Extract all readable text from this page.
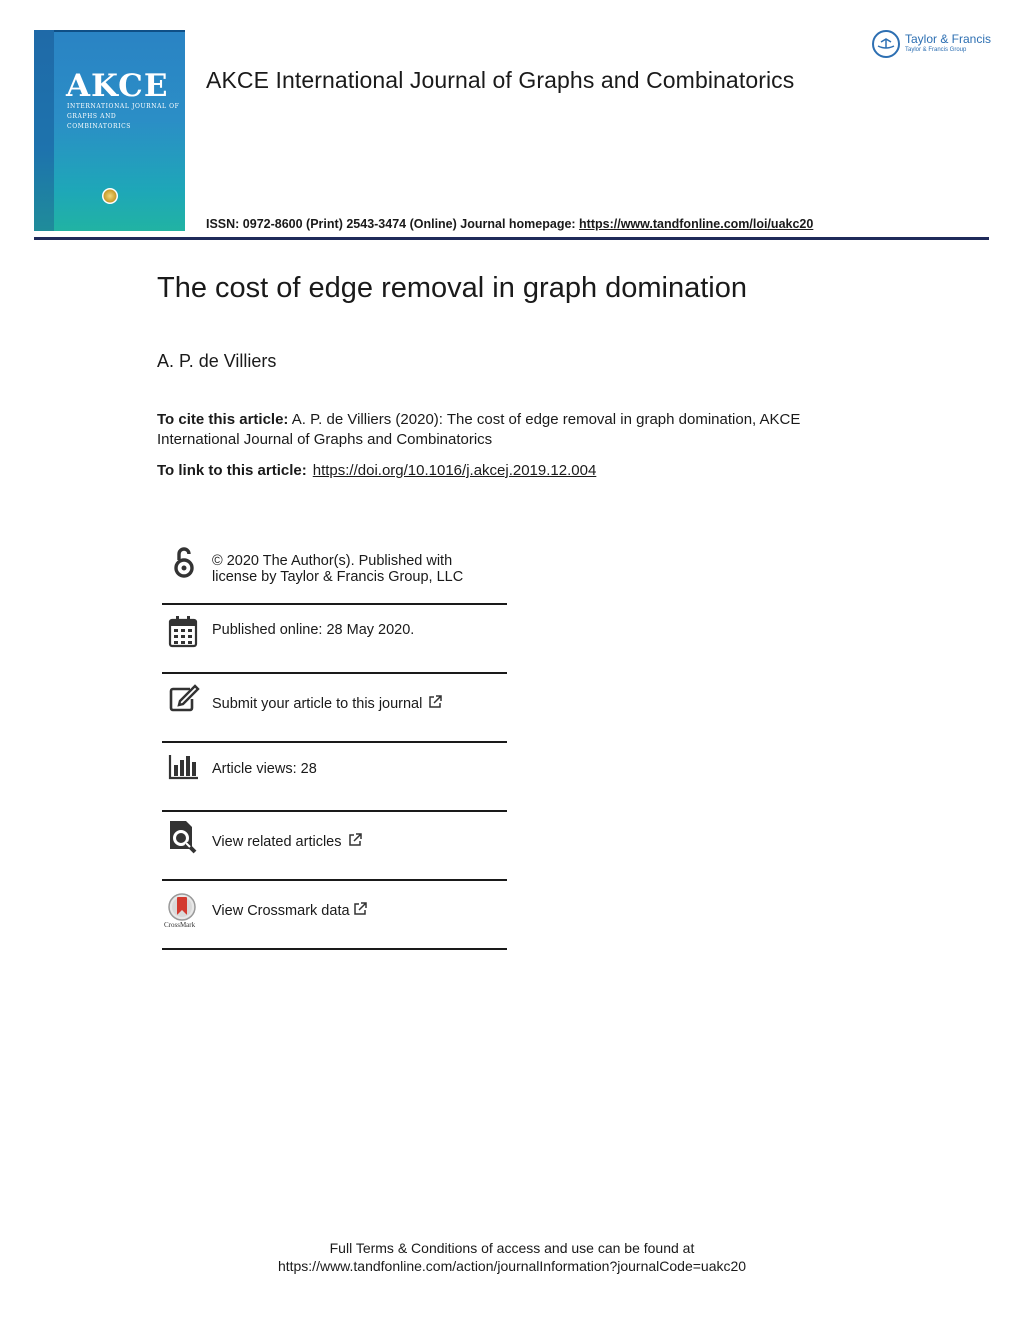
AKCE
INTERNATIONAL JOURNAL OF GRAPHS AND COMBINATORICS
Taylor & Francis
Taylor & Francis Group
AKCE International Journal of Graphs and Combinatorics
ISSN: 0972-8600 (Print) 2543-3474 (Online) Journal homepage: https://www.tandfonline.com/loi/uakc20
The cost of edge removal in graph domination
A. P. de Villiers
To cite this article: A. P. de Villiers (2020): The cost of edge removal in graph domination, AKCE International Journal of Graphs and Combinatorics
To link to this article: https://doi.org/10.1016/j.akcej.2019.12.004
© 2020 The Author(s). Published with
license by Taylor & Francis Group, LLC
Published online: 28 May 2020.
Submit your article to this journal
Article views: 28
View related articles
CrossMark
View Crossmark data
Full Terms & Conditions of access and use can be found at
https://www.tandfonline.com/action/journalInformation?journalCode=uakc20
